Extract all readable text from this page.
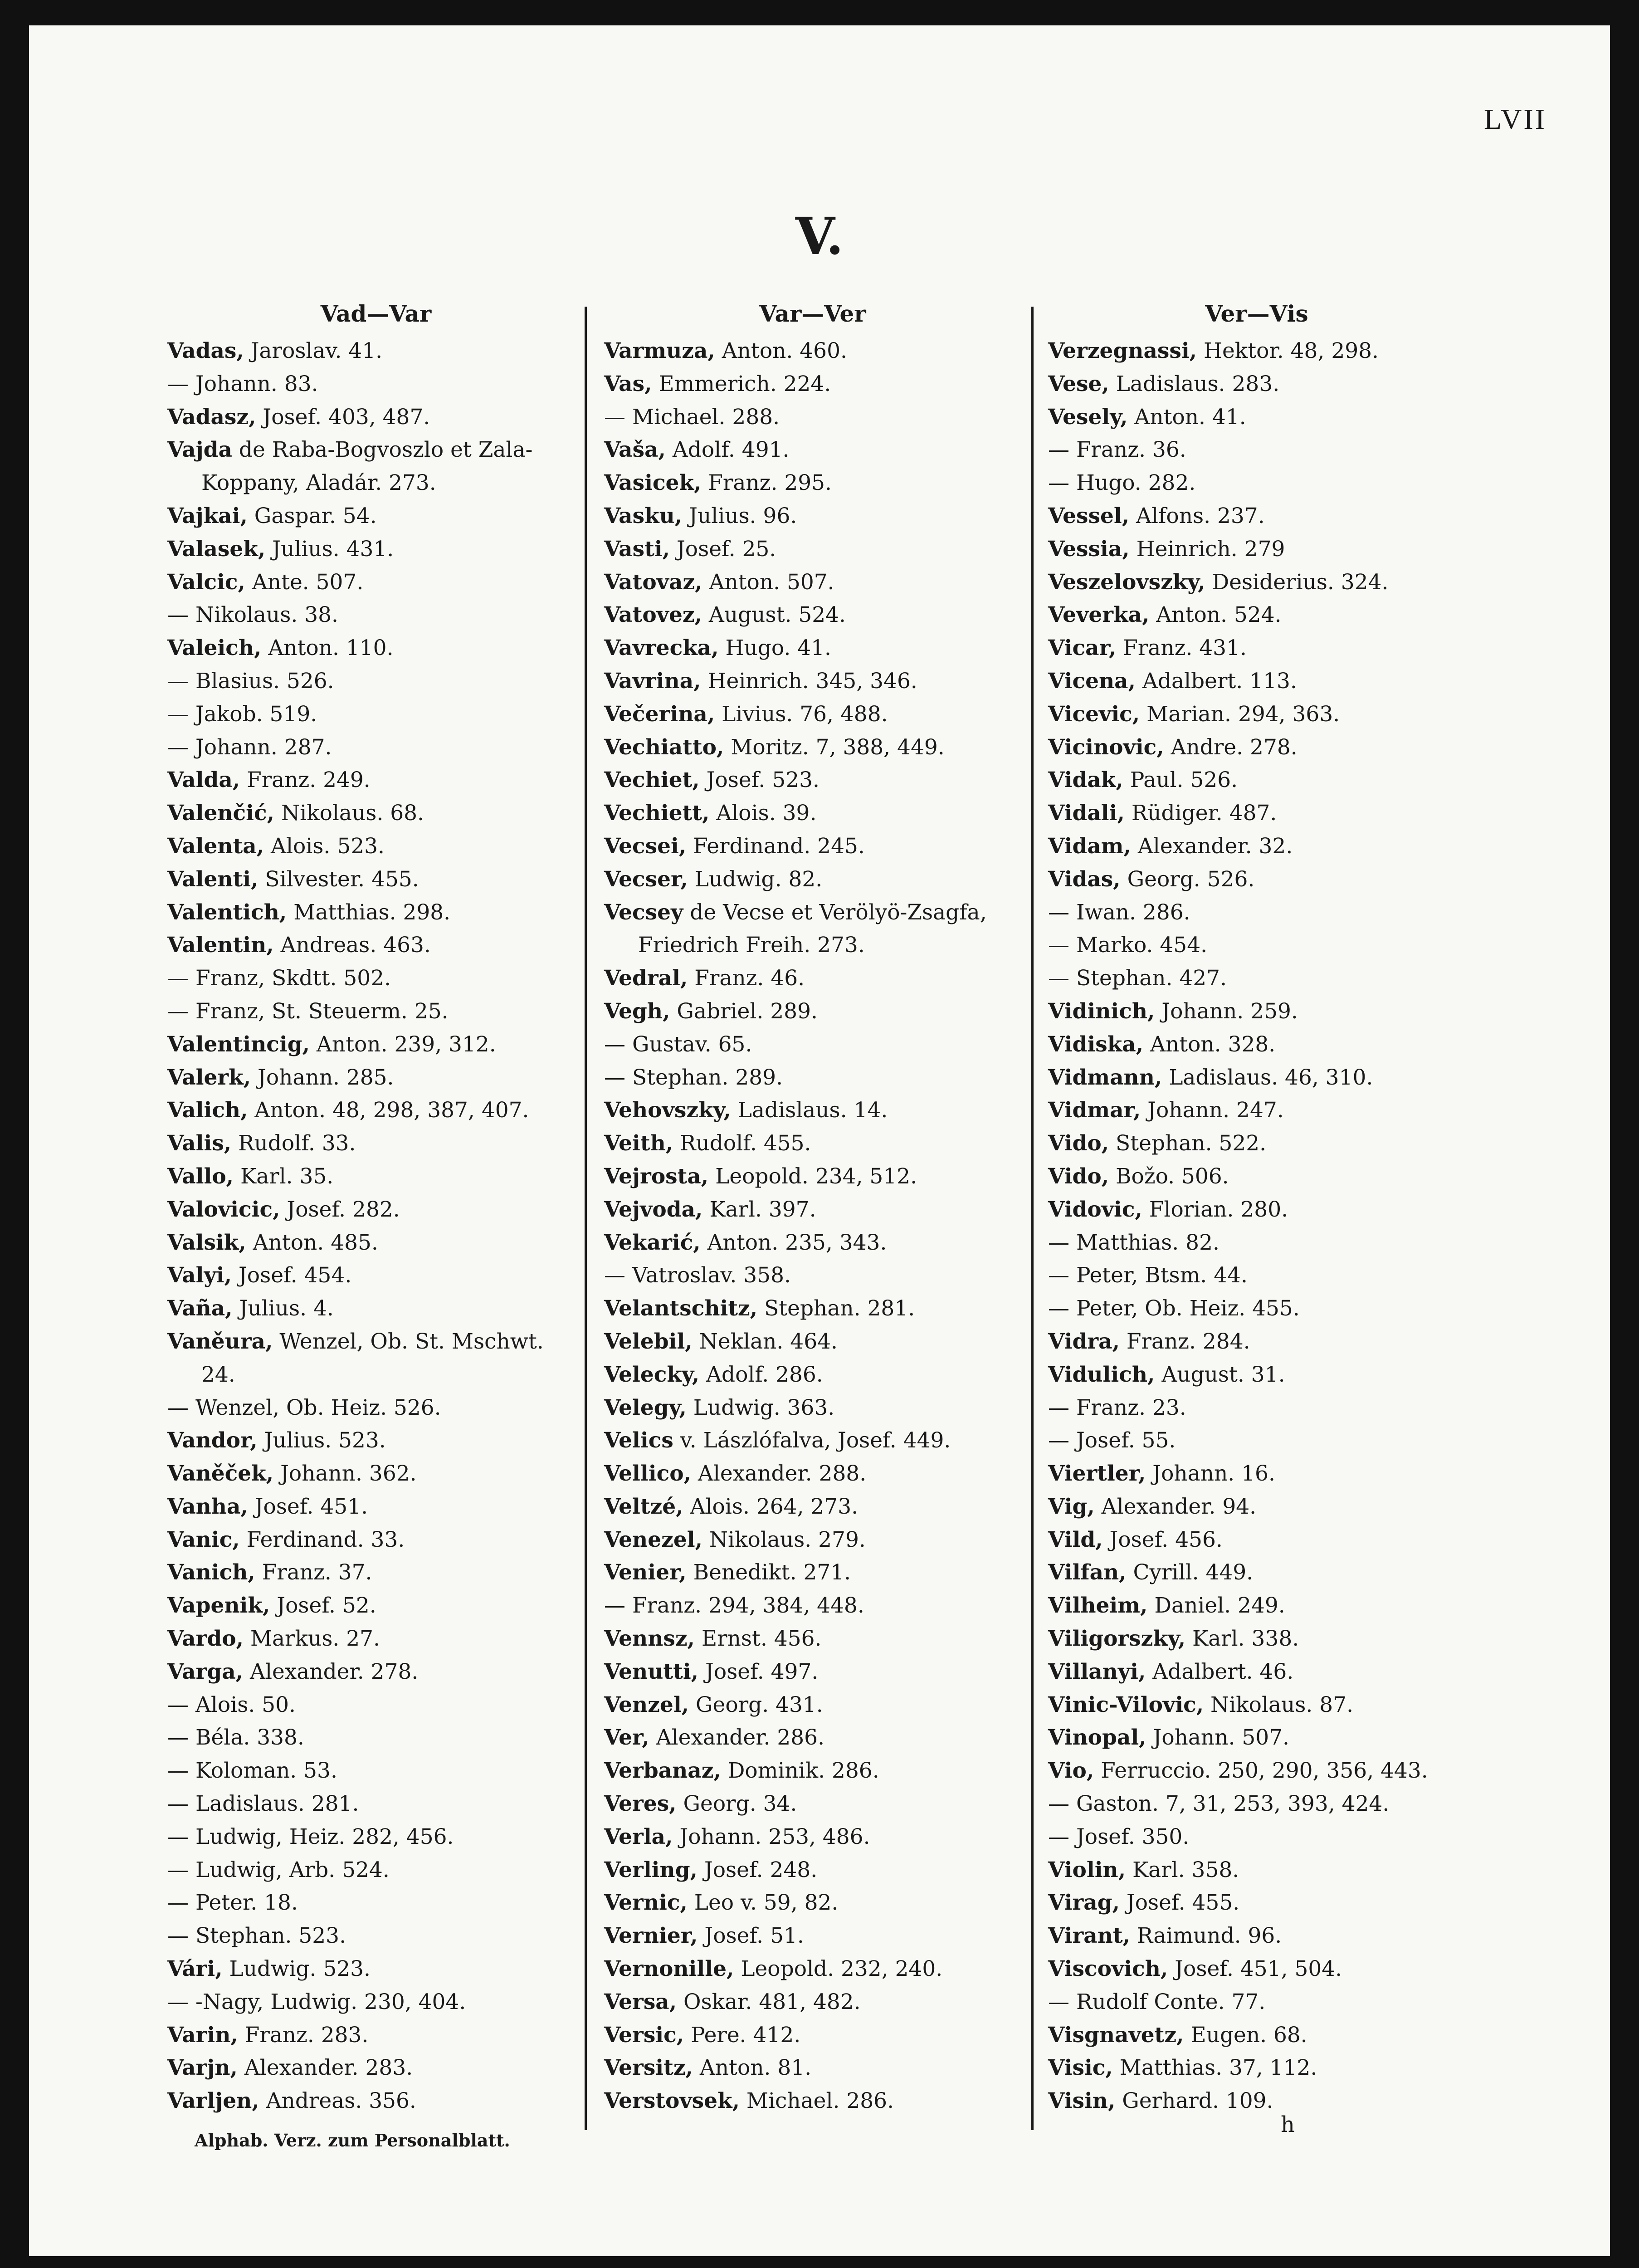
LVII
V.
Vad—Var
Vadas, Jaroslav. 41.
— Johann. 83.
Vadasz, Josef. 403, 487.
Vajda de Raba-Bogvoszlo et Zala-
Koppany, Aladár. 273.
Vajkai, Gaspar. 54.
Valasek, Julius. 431.
Valcic, Ante. 507.
— Nikolaus. 38.
Valeich, Anton. 110.
— Blasius. 526.
— Jakob. 519.
— Johann. 287.
Valda, Franz. 249.
Valenčić, Nikolaus. 68.
Valenta, Alois. 523.
Valenti, Silvester. 455.
Valentich, Matthias. 298.
Valentin, Andreas. 463.
— Franz, Skdtt. 502.
— Franz, St. Steuerm. 25.
Valentincig, Anton. 239, 312.
Valerk, Johann. 285.
Valich, Anton. 48, 298, 387, 407.
Valis, Rudolf. 33.
Vallo, Karl. 35.
Valovicic, Josef. 282.
Valsik, Anton. 485.
Valyi, Josef. 454.
Vaña, Julius. 4.
Vaněura, Wenzel, Ob. St. Mschwt.
24.
— Wenzel, Ob. Heiz. 526.
Vandor, Julius. 523.
Vaněček, Johann. 362.
Vanha, Josef. 451.
Vanic, Ferdinand. 33.
Vanich, Franz. 37.
Vapenik, Josef. 52.
Vardo, Markus. 27.
Varga, Alexander. 278.
— Alois. 50.
— Béla. 338.
— Koloman. 53.
— Ladislaus. 281.
— Ludwig, Heiz. 282, 456.
— Ludwig, Arb. 524.
— Peter. 18.
— Stephan. 523.
Vári, Ludwig. 523.
— -Nagy, Ludwig. 230, 404.
Varin, Franz. 283.
Varjn, Alexander. 283.
Varljen, Andreas. 356.
Var—Ver
Varmuza, Anton. 460.
Vas, Emmerich. 224.
— Michael. 288.
Vaša, Adolf. 491.
Vasicek, Franz. 295.
Vasku, Julius. 96.
Vasti, Josef. 25.
Vatovaz, Anton. 507.
Vatovez, August. 524.
Vavrecka, Hugo. 41.
Vavrina, Heinrich. 345, 346.
Večerina, Livius. 76, 488.
Vechiatto, Moritz. 7, 388, 449.
Vechiet, Josef. 523.
Vechiett, Alois. 39.
Vecsei, Ferdinand. 245.
Vecser, Ludwig. 82.
Vecsey de Vecse et Verölyö-Zsagfa,
Friedrich Freih. 273.
Vedral, Franz. 46.
Vegh, Gabriel. 289.
— Gustav. 65.
— Stephan. 289.
Vehovszky, Ladislaus. 14.
Veith, Rudolf. 455.
Vejrosta, Leopold. 234, 512.
Vejvoda, Karl. 397.
Vekarić, Anton. 235, 343.
— Vatroslav. 358.
Velantschitz, Stephan. 281.
Velebil, Neklan. 464.
Velecky, Adolf. 286.
Velegy, Ludwig. 363.
Velics v. Lászlófalva, Josef. 449.
Vellico, Alexander. 288.
Veltzé, Alois. 264, 273.
Venezel, Nikolaus. 279.
Venier, Benedikt. 271.
— Franz. 294, 384, 448.
Vennsz, Ernst. 456.
Venutti, Josef. 497.
Venzel, Georg. 431.
Ver, Alexander. 286.
Verbanaz, Dominik. 286.
Veres, Georg. 34.
Verla, Johann. 253, 486.
Verling, Josef. 248.
Vernic, Leo v. 59, 82.
Vernier, Josef. 51.
Vernonille, Leopold. 232, 240.
Versa, Oskar. 481, 482.
Versic, Pere. 412.
Versitz, Anton. 81.
Verstovsek, Michael. 286.
Ver—Vis
Verzegnassi, Hektor. 48, 298.
Vese, Ladislaus. 283.
Vesely, Anton. 41.
— Franz. 36.
— Hugo. 282.
Vessel, Alfons. 237.
Vessia, Heinrich. 279
Veszelovszky, Desiderius. 324.
Veverka, Anton. 524.
Vicar, Franz. 431.
Vicena, Adalbert. 113.
Vicevic, Marian. 294, 363.
Vicinovic, Andre. 278.
Vidak, Paul. 526.
Vidali, Rüdiger. 487.
Vidam, Alexander. 32.
Vidas, Georg. 526.
— Iwan. 286.
— Marko. 454.
— Stephan. 427.
Vidinich, Johann. 259.
Vidiska, Anton. 328.
Vidmann, Ladislaus. 46, 310.
Vidmar, Johann. 247.
Vido, Stephan. 522.
Vido, Božo. 506.
Vidovic, Florian. 280.
— Matthias. 82.
— Peter, Btsm. 44.
— Peter, Ob. Heiz. 455.
Vidra, Franz. 284.
Vidulich, August. 31.
— Franz. 23.
— Josef. 55.
Viertler, Johann. 16.
Vig, Alexander. 94.
Vild, Josef. 456.
Vilfan, Cyrill. 449.
Vilheim, Daniel. 249.
Viligorszky, Karl. 338.
Villanyi, Adalbert. 46.
Vinic-Vilovic, Nikolaus. 87.
Vinopal, Johann. 507.
Vio, Ferruccio. 250, 290, 356, 443.
— Gaston. 7, 31, 253, 393, 424.
— Josef. 350.
Violin, Karl. 358.
Virag, Josef. 455.
Virant, Raimund. 96.
Viscovich, Josef. 451, 504.
— Rudolf Conte. 77.
Visgnavetz, Eugen. 68.
Visic, Matthias. 37, 112.
Visin, Gerhard. 109.
Alphab. Verz. zum Personalblatt.
h
